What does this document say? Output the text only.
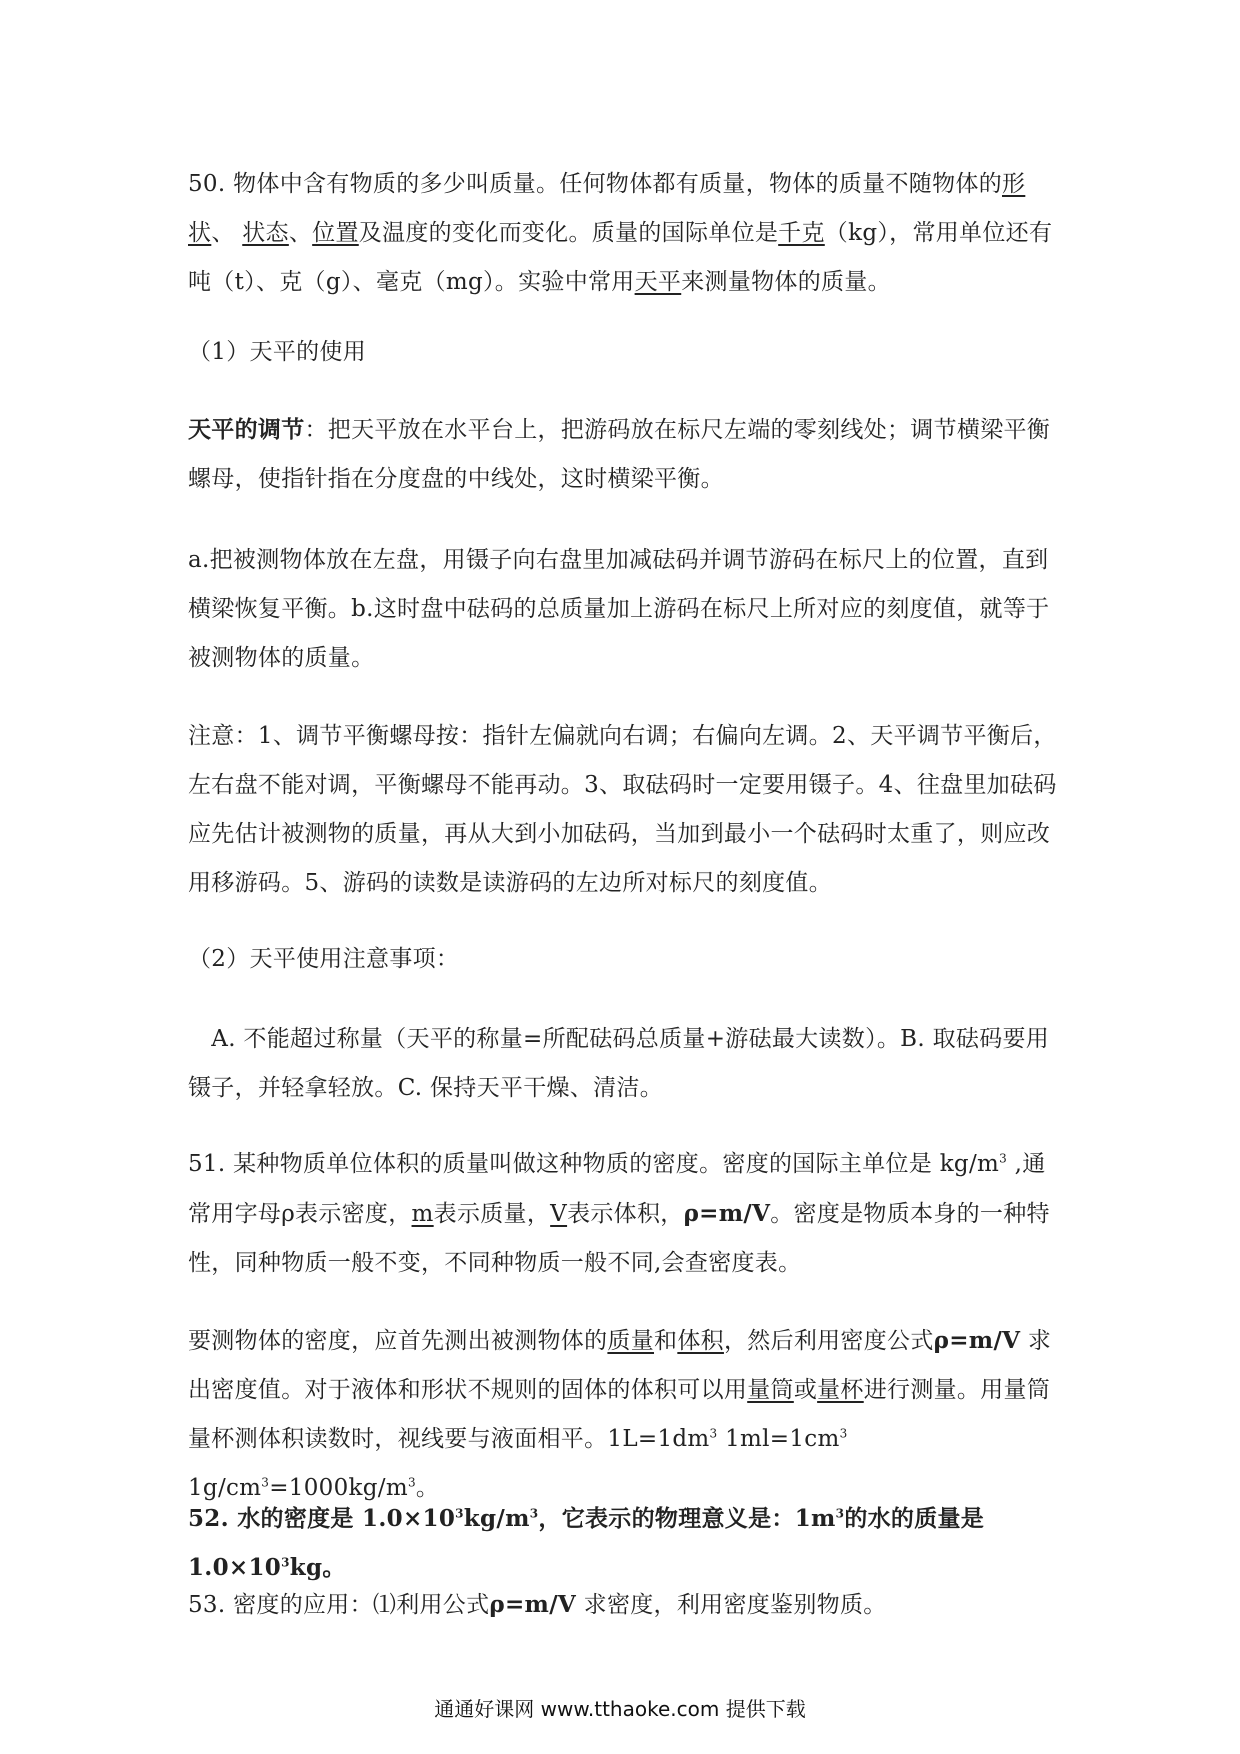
50. 物体中含有物质的多少叫质量。任何物体都有质量，物体的质量不随物体的形状、 状态、位置及温度的变化而变化。质量的国际单位是千克（kg），常用单位还有吨（t）、克（g）、毫克（mg）。实验中常用天平来测量物体的质量。

（1）天平的使用

天平的调节：把天平放在水平台上，把游码放在标尺左端的零刻线处；调节横梁平衡螺母，使指针指在分度盘的中线处，这时横梁平衡。

a.把被测物体放在左盘，用镊子向右盘里加减砝码并调节游码在标尺上的位置，直到横梁恢复平衡。b.这时盘中砝码的总质量加上游码在标尺上所对应的刻度值，就等于被测物体的质量。

注意：1、调节平衡螺母按：指针左偏就向右调；右偏向左调。2、天平调节平衡后，左右盘不能对调，平衡螺母不能再动。3、取砝码时一定要用镊子。4、往盘里加砝码应先估计被测物的质量，再从大到小加砝码，当加到最小一个砝码时太重了，则应改用移游码。5、游码的读数是读游码的左边所对标尺的刻度值。

（2）天平使用注意事项：

　A. 不能超过称量（天平的称量=所配砝码总质量+游砝最大读数）。B. 取砝码要用镊子，并轻拿轻放。C. 保持天平干燥、清洁。

51. 某种物质单位体积的质量叫做这种物质的密度。密度的国际主单位是 $kg/m^3$ ,通常用字母ρ表示密度，m表示质量，V表示体积，ρ=m/V。密度是物质本身的一种特性，同种物质一般不变，不同种物质一般不同,会查密度表。

要测物体的密度，应首先测出被测物体的质量和体积，然后利用密度公式ρ=m/V 求出密度值。对于液体和形状不规则的固体的体积可以用量筒或量杯进行测量。用量筒量杯测体积读数时，视线要与液面相平。$1L=1dm^3$ $1ml=1cm^3$ $1g/cm^3=1000kg/m^3$。

52. 水的密度是 $1.0\times 10^3kg/m^3$，它表示的物理意义是：$1m^3$的水的质量是 $1.0\times 10^3kg$。

53. 密度的应用：⑴利用公式ρ=m/V 求密度，利用密度鉴别物质。

通通好课网 www.tthaoke.com 提供下载
